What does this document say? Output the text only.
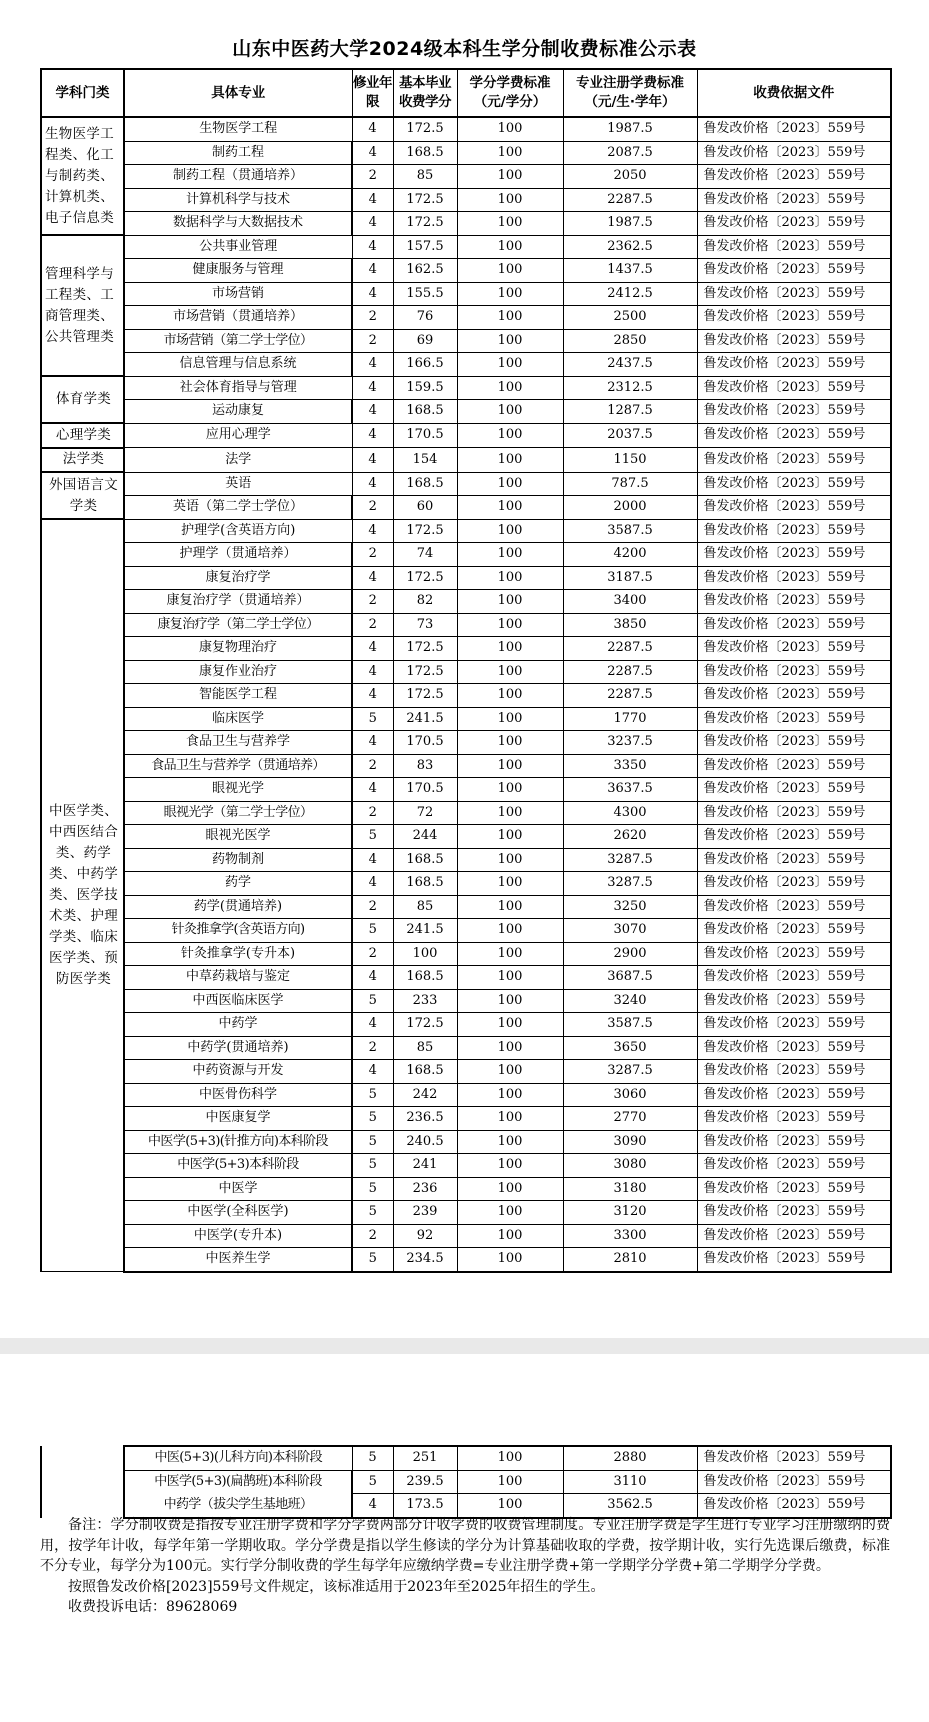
山东中医药大学2024级本科生学分制收费标准公示表
学科门类	具体专业	修业年限	基本毕业收费学分	学分学费标准（元/学分）	专业注册学费标准（元/生·学年）	收费依据文件
生物医学工程类、化工与制药类、计算机类、电子信息类	生物医学工程	4	172.5	100	1987.5	鲁发改价格〔2023〕559号
	制药工程	4	168.5	100	2087.5	鲁发改价格〔2023〕559号
	制药工程（贯通培养）	2	85	100	2050	鲁发改价格〔2023〕559号
	计算机科学与技术	4	172.5	100	2287.5	鲁发改价格〔2023〕559号
	数据科学与大数据技术	4	172.5	100	1987.5	鲁发改价格〔2023〕559号
管理科学与工程类、工商管理类、公共管理类	公共事业管理	4	157.5	100	2362.5	鲁发改价格〔2023〕559号
	健康服务与管理	4	162.5	100	1437.5	鲁发改价格〔2023〕559号
	市场营销	4	155.5	100	2412.5	鲁发改价格〔2023〕559号
	市场营销（贯通培养）	2	76	100	2500	鲁发改价格〔2023〕559号
	市场营销（第二学士学位）	2	69	100	2850	鲁发改价格〔2023〕559号
	信息管理与信息系统	4	166.5	100	2437.5	鲁发改价格〔2023〕559号
体育学类	社会体育指导与管理	4	159.5	100	2312.5	鲁发改价格〔2023〕559号
	运动康复	4	168.5	100	1287.5	鲁发改价格〔2023〕559号
心理学类	应用心理学	4	170.5	100	2037.5	鲁发改价格〔2023〕559号
法学类	法学	4	154	100	1150	鲁发改价格〔2023〕559号
外国语言文学类	英语	4	168.5	100	787.5	鲁发改价格〔2023〕559号
	英语（第二学士学位）	2	60	100	2000	鲁发改价格〔2023〕559号
中医学类、中西医结合类、药学类、中药学类、医学技术类、护理学类、临床医学类、预防医学类	护理学(含英语方向)	4	172.5	100	3587.5	鲁发改价格〔2023〕559号
	护理学（贯通培养）	2	74	100	4200	鲁发改价格〔2023〕559号
	康复治疗学	4	172.5	100	3187.5	鲁发改价格〔2023〕559号
	康复治疗学（贯通培养）	2	82	100	3400	鲁发改价格〔2023〕559号
	康复治疗学（第二学士学位）	2	73	100	3850	鲁发改价格〔2023〕559号
	康复物理治疗	4	172.5	100	2287.5	鲁发改价格〔2023〕559号
	康复作业治疗	4	172.5	100	2287.5	鲁发改价格〔2023〕559号
	智能医学工程	4	172.5	100	2287.5	鲁发改价格〔2023〕559号
	临床医学	5	241.5	100	1770	鲁发改价格〔2023〕559号
	食品卫生与营养学	4	170.5	100	3237.5	鲁发改价格〔2023〕559号
	食品卫生与营养学（贯通培养）	2	83	100	3350	鲁发改价格〔2023〕559号
	眼视光学	4	170.5	100	3637.5	鲁发改价格〔2023〕559号
	眼视光学（第二学士学位）	2	72	100	4300	鲁发改价格〔2023〕559号
	眼视光医学	5	244	100	2620	鲁发改价格〔2023〕559号
	药物制剂	4	168.5	100	3287.5	鲁发改价格〔2023〕559号
	药学	4	168.5	100	3287.5	鲁发改价格〔2023〕559号
	药学(贯通培养)	2	85	100	3250	鲁发改价格〔2023〕559号
	针灸推拿学(含英语方向)	5	241.5	100	3070	鲁发改价格〔2023〕559号
	针灸推拿学(专升本)	2	100	100	2900	鲁发改价格〔2023〕559号
	中草药栽培与鉴定	4	168.5	100	3687.5	鲁发改价格〔2023〕559号
	中西医临床医学	5	233	100	3240	鲁发改价格〔2023〕559号
	中药学	4	172.5	100	3587.5	鲁发改价格〔2023〕559号
	中药学(贯通培养)	2	85	100	3650	鲁发改价格〔2023〕559号
	中药资源与开发	4	168.5	100	3287.5	鲁发改价格〔2023〕559号
	中医骨伤科学	5	242	100	3060	鲁发改价格〔2023〕559号
	中医康复学	5	236.5	100	2770	鲁发改价格〔2023〕559号
	中医学(5+3)(针推方向)本科阶段	5	240.5	100	3090	鲁发改价格〔2023〕559号
	中医学(5+3)本科阶段	5	241	100	3080	鲁发改价格〔2023〕559号
	中医学	5	236	100	3180	鲁发改价格〔2023〕559号
	中医学(全科医学)	5	239	100	3120	鲁发改价格〔2023〕559号
	中医学(专升本)	2	92	100	3300	鲁发改价格〔2023〕559号
	中医养生学	5	234.5	100	2810	鲁发改价格〔2023〕559号
	中医(5+3)(儿科方向)本科阶段	5	251	100	2880	鲁发改价格〔2023〕559号
	中医学(5+3)(扁鹊班)本科阶段	5	239.5	100	3110	鲁发改价格〔2023〕559号
	中药学（拔尖学生基地班）	4	173.5	100	3562.5	鲁发改价格〔2023〕559号

备注：学分制收费是指按专业注册学费和学分学费两部分计收学费的收费管理制度。专业注册学费是学生进行专业学习注册缴纳的费用，按学年计收，每学年第一学期收取。学分学费是指以学生修读的学分为计算基础收取的学费，按学期计收，实行先选课后缴费，标准不分专业，每学分为100元。实行学分制收费的学生每学年应缴纳学费=专业注册学费+第一学期学分学费+第二学期学分学费。

按照鲁发改价格[2023]559号文件规定，该标准适用于2023年至2025年招生的学生。

收费投诉电话：89628069
